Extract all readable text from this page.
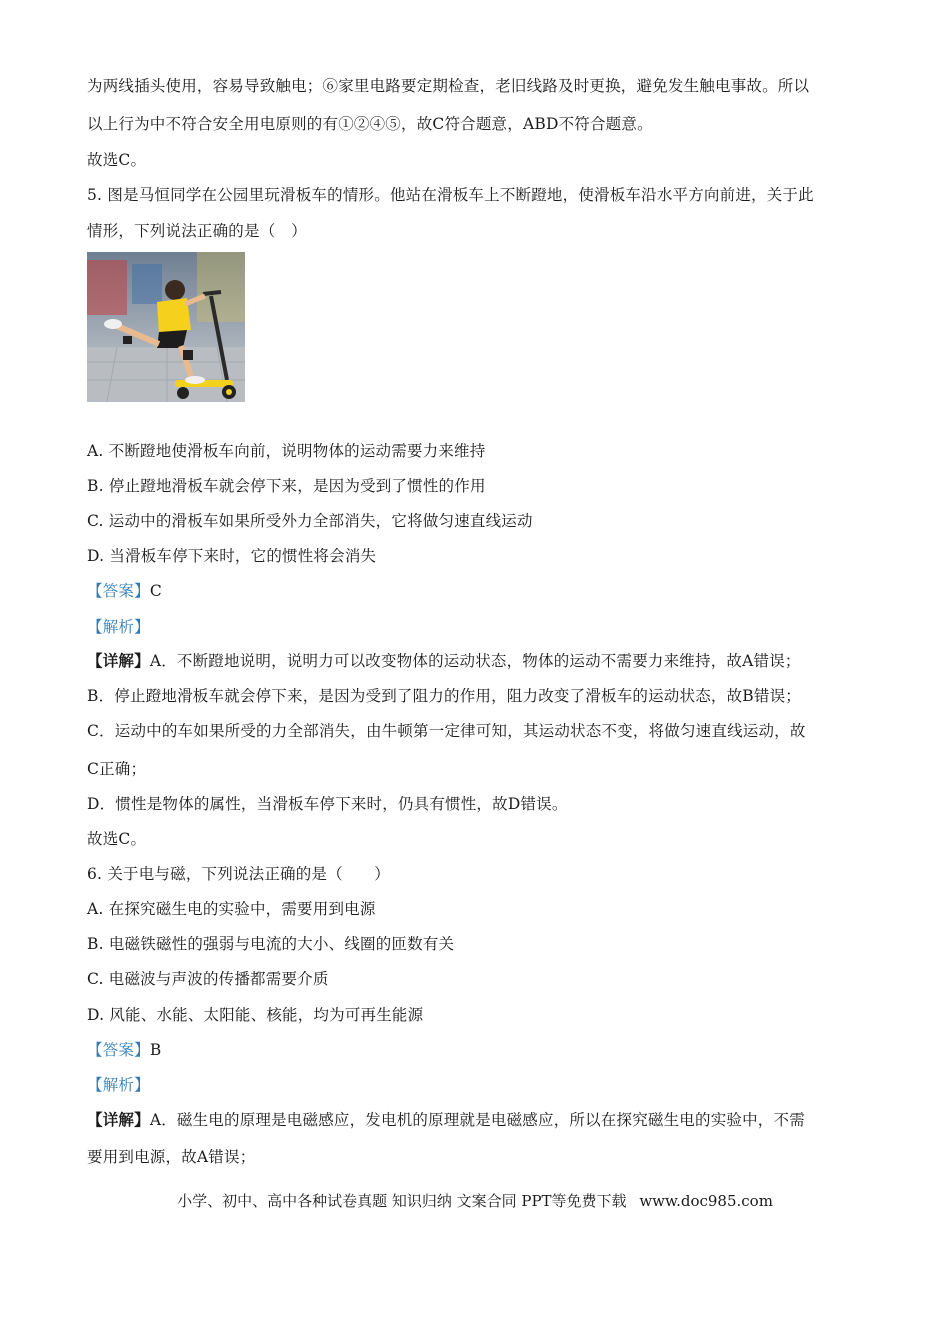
为两线插头使用，容易导致触电；⑥家里电路要定期检查，老旧线路及时更换，避免发生触电事故。所以
以上行为中不符合安全用电原则的有①②④⑤，故C符合题意，ABD不符合题意。
故选C。
5. 图是马恒同学在公园里玩滑板车的情形。他站在滑板车上不断蹬地，使滑板车沿水平方向前进，关于此
情形，下列说法正确的是（　）
A. 不断蹬地使滑板车向前，说明物体的运动需要力来维持
B. 停止蹬地滑板车就会停下来，是因为受到了惯性的作用
C. 运动中的滑板车如果所受外力全部消失，它将做匀速直线运动
D. 当滑板车停下来时，它的惯性将会消失
【答案】C
【解析】
【详解】A．不断蹬地说明，说明力可以改变物体的运动状态，物体的运动不需要力来维持，故A错误；
B．停止蹬地滑板车就会停下来，是因为受到了阻力的作用，阻力改变了滑板车的运动状态，故B错误；
C．运动中的车如果所受的力全部消失，由牛顿第一定律可知，其运动状态不变，将做匀速直线运动，故
C正确；
D．惯性是物体的属性，当滑板车停下来时，仍具有惯性，故D错误。
故选C。
6. 关于电与磁，下列说法正确的是（　　）
A. 在探究磁生电的实验中，需要用到电源
B. 电磁铁磁性的强弱与电流的大小、线圈的匝数有关
C. 电磁波与声波的传播都需要介质
D. 风能、水能、太阳能、核能，均为可再生能源
【答案】B
【解析】
【详解】A．磁生电的原理是电磁感应，发电机的原理就是电磁感应，所以在探究磁生电的实验中，不需
要用到电源，故A错误；
小学、初中、高中各种试卷真题 知识归纳 文案合同 PPT等免费下载 www.doc985.com
